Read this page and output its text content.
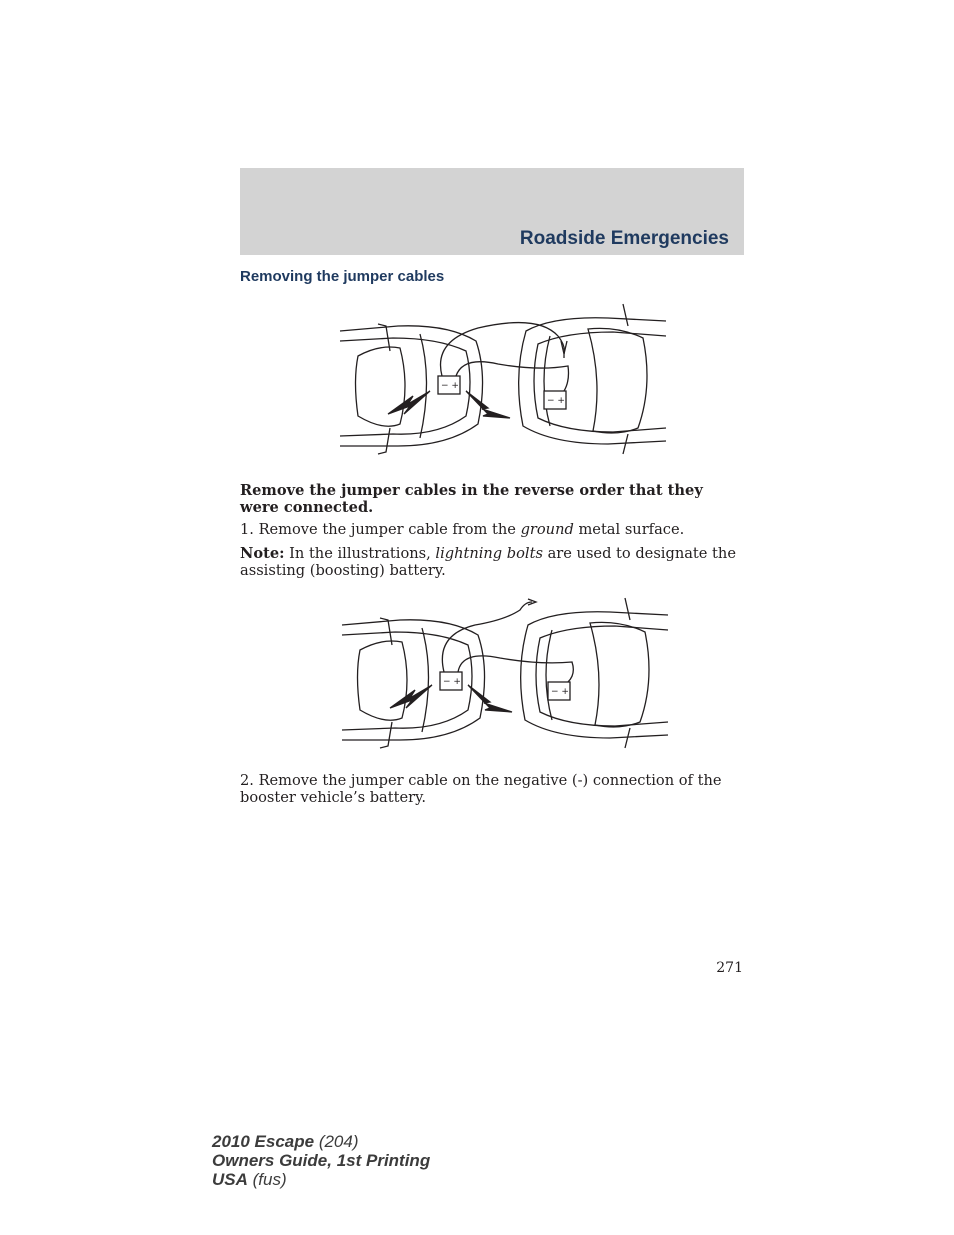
Roadside Emergencies
Removing the jumper cables
− +
− +
Remove the jumper cables in the reverse order that they were connected.
1. Remove the jumper cable from the ground metal surface.
Note: In the illustrations, lightning bolts are used to designate the assisting (boosting) battery.
− +
− +
2. Remove the jumper cable on the negative (-) connection of the booster vehicle’s battery.
271
2010 Escape (204)
Owners Guide, 1st Printing
USA (fus)
